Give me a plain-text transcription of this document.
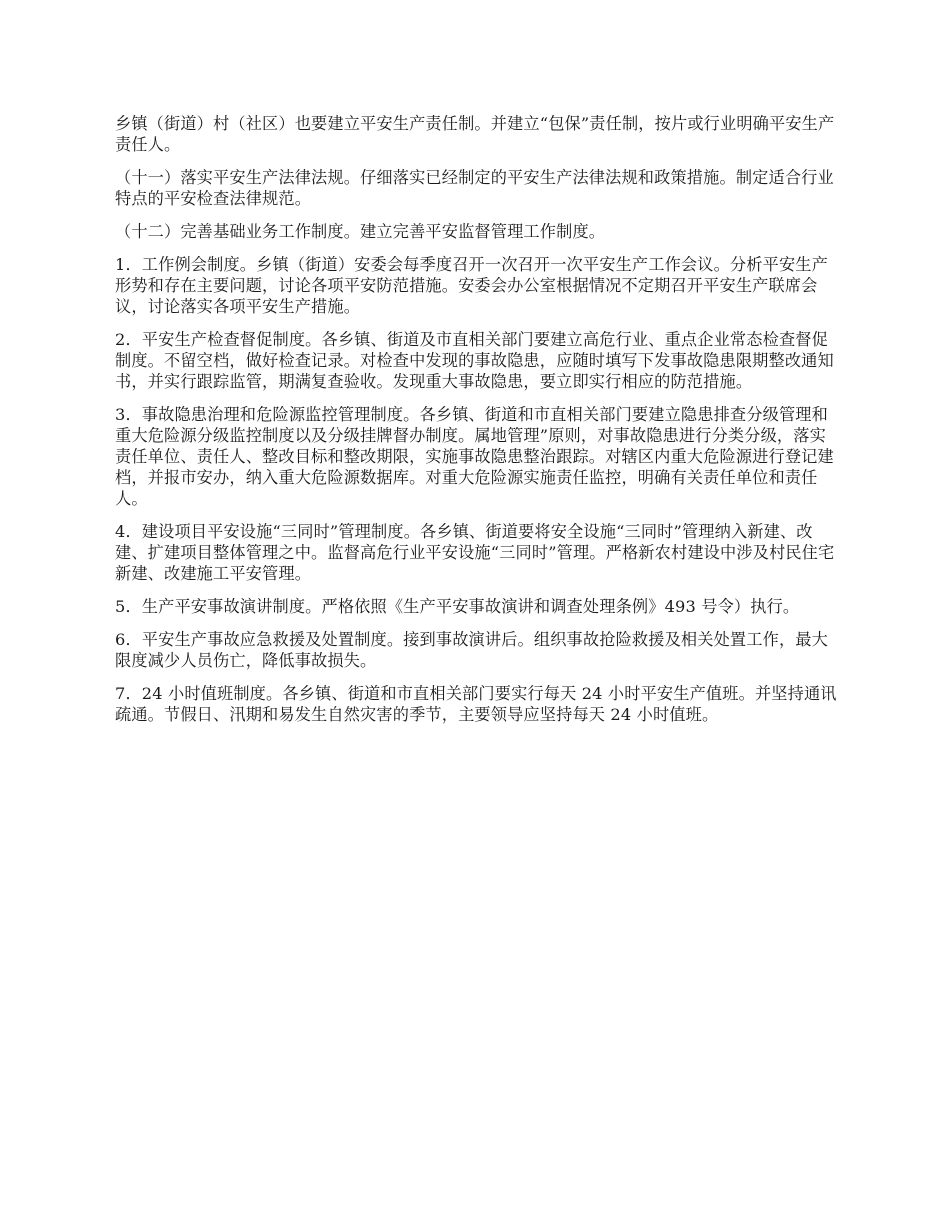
乡镇（街道）村（社区）也要建立平安生产责任制。并建立“包保”责任制，按片或行业明确平安生产责任人。

（十一）落实平安生产法律法规。仔细落实已经制定的平安生产法律法规和政策措施。制定适合行业特点的平安检查法律规范。

（十二）完善基础业务工作制度。建立完善平安监督管理工作制度。

1．工作例会制度。乡镇（街道）安委会每季度召开一次召开一次平安生产工作会议。分析平安生产形势和存在主要问题，讨论各项平安防范措施。安委会办公室根据情况不定期召开平安生产联席会议，讨论落实各项平安生产措施。

2．平安生产检查督促制度。各乡镇、街道及市直相关部门要建立高危行业、重点企业常态检查督促制度。不留空档，做好检查记录。对检查中发现的事故隐患，应随时填写下发事故隐患限期整改通知书，并实行跟踪监管，期满复查验收。发现重大事故隐患，要立即实行相应的防范措施。

3．事故隐患治理和危险源监控管理制度。各乡镇、街道和市直相关部门要建立隐患排查分级管理和重大危险源分级监控制度以及分级挂牌督办制度。属地管理”原则，对事故隐患进行分类分级，落实责任单位、责任人、整改目标和整改期限，实施事故隐患整治跟踪。对辖区内重大危险源进行登记建档，并报市安办，纳入重大危险源数据库。对重大危险源实施责任监控，明确有关责任单位和责任人。

4．建设项目平安设施“三同时”管理制度。各乡镇、街道要将安全设施“三同时”管理纳入新建、改建、扩建项目整体管理之中。监督高危行业平安设施“三同时”管理。严格新农村建设中涉及村民住宅新建、改建施工平安管理。

5．生产平安事故演讲制度。严格依照《生产平安事故演讲和调查处理条例》493 号令）执行。

6．平安生产事故应急救援及处置制度。接到事故演讲后。组织事故抢险救援及相关处置工作，最大限度减少人员伤亡，降低事故损失。

7．24 小时值班制度。各乡镇、街道和市直相关部门要实行每天 24 小时平安生产值班。并坚持通讯疏通。节假日、汛期和易发生自然灾害的季节，主要领导应坚持每天 24 小时值班。
